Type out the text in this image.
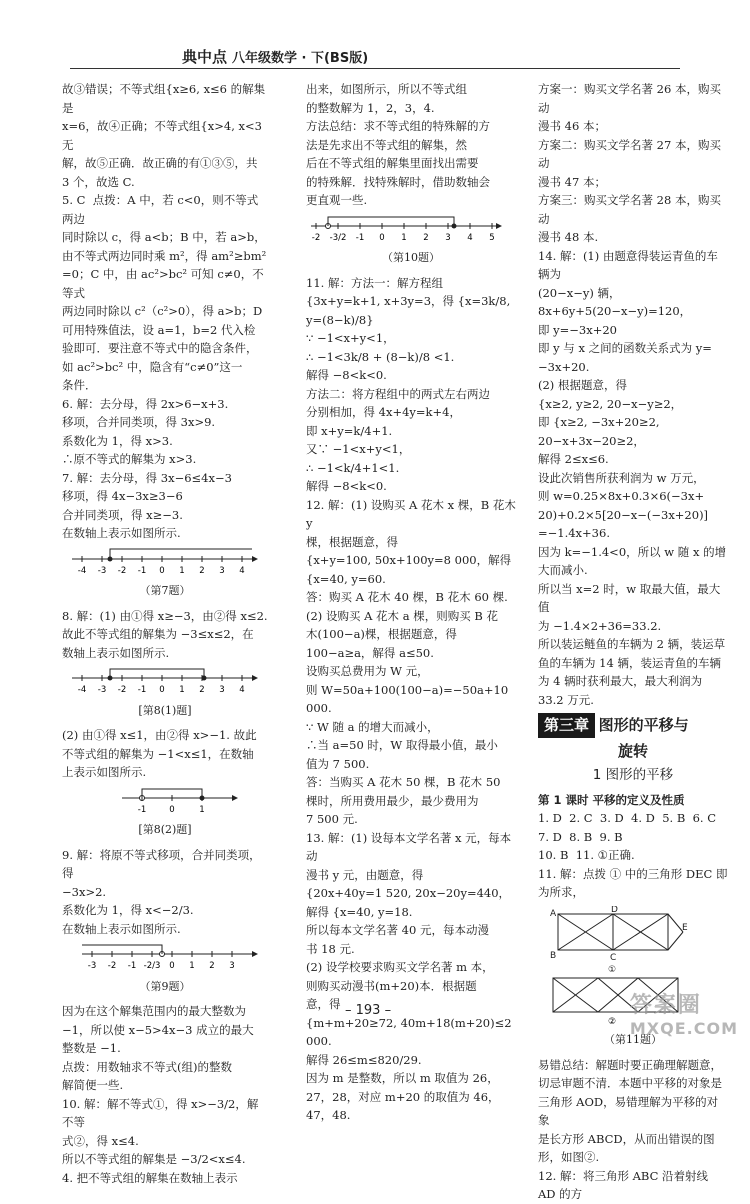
典中点 八年级数学 · 下(BS版)

故③错误；不等式组{x≥6, x≤6 的解集是

x=6，故④正确；不等式组{x>4, x<3 无

解，故⑤正确．故正确的有①③⑤，共

3 个，故选 C.

5. C  点拨：A 中，若 c<0，则不等式两边

同时除以 c，得 a<b；B 中，若 a>b，

由不等式两边同时乘 m²，得 am²≥bm²

=0；C 中，由 ac²>bc² 可知 c≠0，不等式

两边同时除以 c²（c²>0），得 a>b；D

可用特殊值法，设 a=1，b=2 代入检

验即可．要注意不等式中的隐含条件，

如 ac²>bc² 中，隐含有“c≠0”这一

条件．

6. 解：去分母，得 2x>6−x+3.

移项，合并同类项，得 3x>9.

系数化为 1，得 x>3.

∴原不等式的解集为 x>3.

7. 解：去分母，得 3x−6≤4x−3

移项，得 4x−3x≥3−6

合并同类项，得 x≥−3.

在数轴上表示如图所示.

-4 -3 -2 -1 0 1 2 3 4
（第7题）

8. 解：(1) 由①得 x≥−3，由②得 x≤2.

故此不等式组的解集为 −3≤x≤2，在

数轴上表示如图所示.

-4 -3 -2 -1 0 1 2 3 4
[第8(1)题]

(2) 由①得 x≤1，由②得 x>−1. 故此

不等式组的解集为 −1<x≤1，在数轴

上表示如图所示.

-1	0	1
[第8(2)题]

9. 解：将原不等式移项，合并同类项，得

−3x>2.

系数化为 1，得 x<−2/3.

在数轴上表示如图所示.

-3 -2 -1 -2/3 0 1 2 3
（第9题）

因为在这个解集范围内的最大整数为

−1，所以使 x−5>4x−3 成立的最大

整数是 −1.

点拨：用数轴求不等式(组)的整数

解简便一些.

10. 解：解不等式①，得 x>−3/2，解不等

式②，得 x≤4.

所以不等式组的解集是 −3/2<x≤4.

4. 把不等式组的解集在数轴上表示

出来，如图所示，所以不等式组

的整数解为 1，2，3，4.

方法总结：求不等式组的特殊解的方

法是先求出不等式组的解集，然

后在不等式组的解集里面找出需要

的特殊解．找特殊解时，借助数轴会

更直观一些.

-2 -3/2 -1 0 1 2 3 4 5
（第10题）

11. 解：方法一：解方程组

{3x+y=k+1, x+3y=3，得 {x=3k/8, y=(8−k)/8}

∵ −1<x+y<1，

∴ −1<3k/8 + (8−k)/8 <1.

解得 −8<k<0.

方法二：将方程组中的两式左右两边

分别相加，得 4x+4y=k+4，

即 x+y=k/4+1.

又∵ −1<x+y<1，

∴ −1<k/4+1<1.

解得 −8<k<0.

12. 解：(1) 设购买 A 花木 x 棵，B 花木 y

棵，根据题意，得

{x+y=100, 50x+100y=8 000，解得 {x=40, y=60.

答：购买 A 花木 40 棵，B 花木 60 棵.

(2) 设购买 A 花木 a 棵，则购买 B 花

木(100−a)棵，根据题意，得

100−a≥a，解得 a≤50.

设购买总费用为 W 元，

则 W=50a+100(100−a)=−50a+10 000.

∵ W 随 a 的增大而减小，

∴当 a=50 时，W 取得最小值，最小

值为 7 500.

答：当购买 A 花木 50 棵，B 花木 50

棵时，所用费用最少，最少费用为

7 500 元.

13. 解：(1) 设每本文学名著 x 元，每本动

漫书 y 元，由题意，得

{20x+40y=1 520, 20x−20y=440，解得 {x=40, y=18.

所以每本文学名著 40 元，每本动漫

书 18 元.

(2) 设学校要求购买文学名著 m 本，

则购买动漫书(m+20)本．根据题

意，得

{m+m+20≥72, 40m+18(m+20)≤2 000.

解得 26≤m≤820/29.

因为 m 是整数，所以 m 取值为 26，

27，28，对应 m+20 的取值为 46，

47，48.

方案一：购买文学名著 26 本，购买动

漫书 46 本；

方案二：购买文学名著 27 本，购买动

漫书 47 本；

方案三：购买文学名著 28 本，购买动

漫书 48 本.

14. 解：(1) 由题意得装运青鱼的车辆为

(20−x−y) 辆，

8x+6y+5(20−x−y)=120，

即 y=−3x+20

即 y 与 x 之间的函数关系式为 y=

−3x+20.

(2) 根据题意，得

{x≥2, y≥2, 20−x−y≥2，

即 {x≥2, −3x+20≥2, 20−x+3x−20≥2，

解得 2≤x≤6.

设此次销售所获利润为 w 万元，

则 w=0.25×8x+0.3×6(−3x+

20)+0.2×5[20−x−(−3x+20)]

=−1.4x+36.

因为 k=−1.4<0，所以 w 随 x 的增

大而减小.

所以当 x=2 时，w 取最大值，最大值

为 −1.4×2+36=33.2.

所以装运鲢鱼的车辆为 2 辆，装运草

鱼的车辆为 14 辆，装运青鱼的车辆

为 4 辆时获利最大，最大利润为

33.2 万元.

第三章 图形的平移与
旋转
1 图形的平移
第 1 课时 平移的定义及性质

1. D  2. C  3. D  4. D  5. B  6. C

7. D  8. B  9. B

10. B  11. ①正确.

11. 解：点拨 ① 中的三角形 DEC 即为所求，

A	D
B	C
E
①
②
（第11题）

易错总结：解题时要正确理解题意，

切忌审题不清．本题中平移的对象是

三角形 AOD，易错理解为平移的对象

是长方形 ABCD，从而出错误的图

形，如图②.

12. 解：将三角形 ABC 沿着射线 AD 的方

– 193 –	答案圈
MXQE.COM
